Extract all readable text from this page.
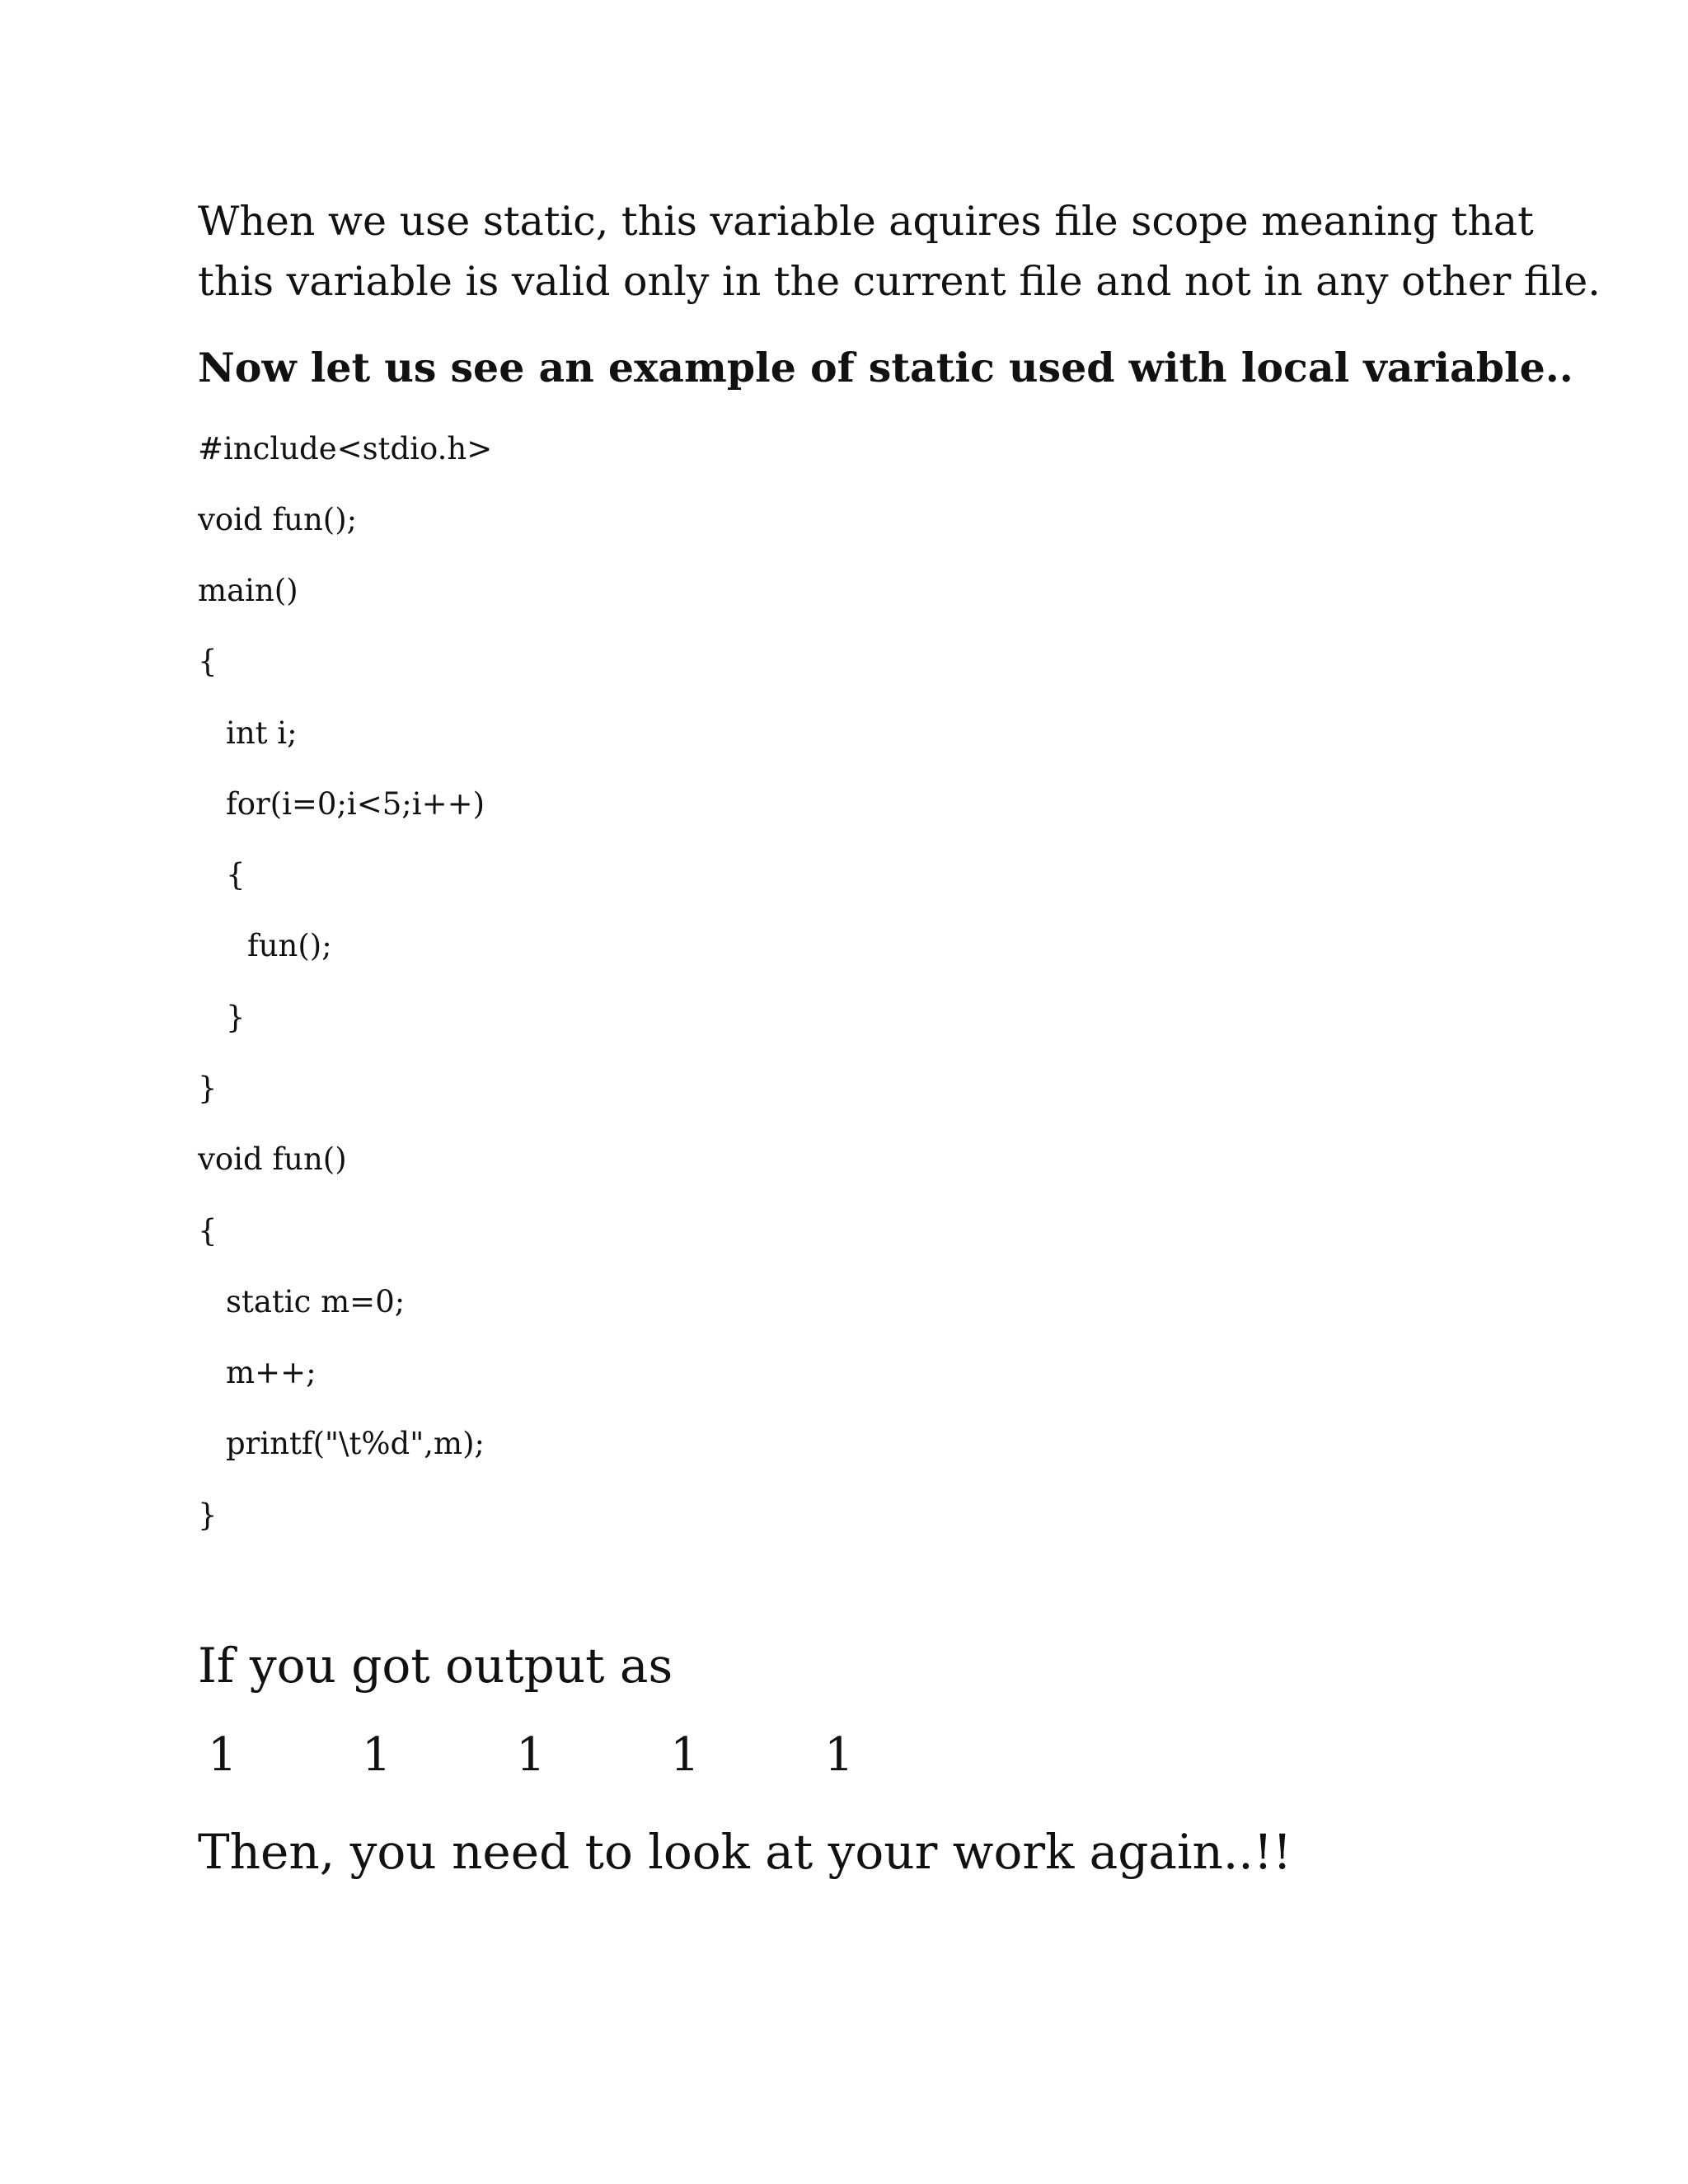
When we use static, this variable aquires file scope meaning that
this variable is valid only in the current file and not in any other file.
Now let us see an example of static used with local variable..
#include<stdio.h>
void fun();
main()
{
int i;
for(i=0;i<5;i++)
{
fun();
}
}
void fun()
{
static m=0;
m++;
printf("\t%d",m);
}
If you got output as
1   1   1   1   1
Then, you need to look at your work again..!!
